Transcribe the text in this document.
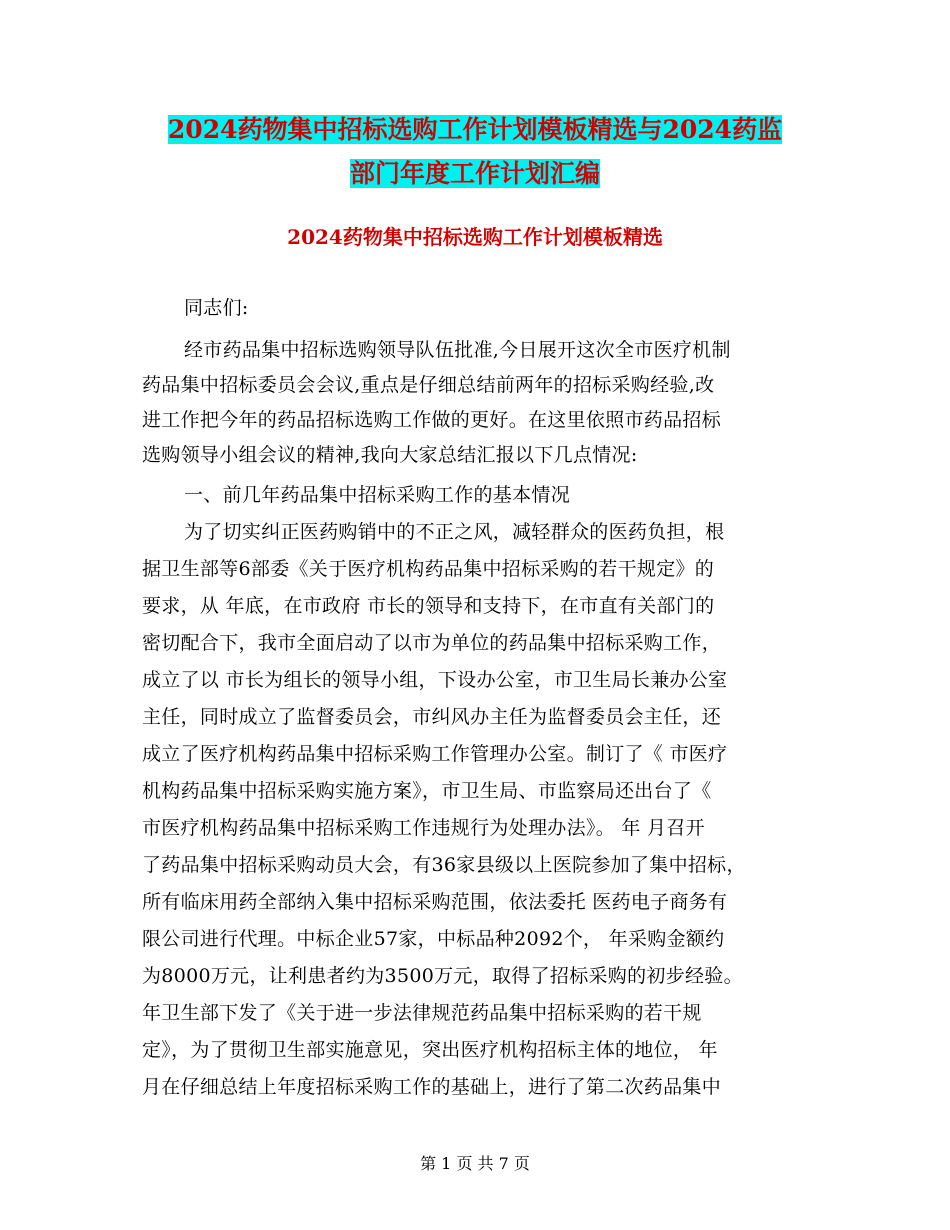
2024药物集中招标选购工作计划模板精选与2024药监

部门年度工作计划汇编

2024药物集中招标选购工作计划模板精选

同志们:

经市药品集中招标选购领导队伍批准,今日展开这次全市医疗机制

药品集中招标委员会会议,重点是仔细总结前两年的招标采购经验,改

进工作把今年的药品招标选购工作做的更好。在这里依照市药品招标

选购领导小组会议的精神,我向大家总结汇报以下几点情况:

一、前几年药品集中招标采购工作的基本情况

为了切实纠正医药购销中的不正之风，减轻群众的医药负担，根

据卫生部等6部委《关于医疗机构药品集中招标采购的若干规定》的

要求，从 年底，在市政府 市长的领导和支持下，在市直有关部门的

密切配合下，我市全面启动了以市为单位的药品集中招标采购工作，

成立了以 市长为组长的领导小组，下设办公室，市卫生局长兼办公室

主任，同时成立了监督委员会，市纠风办主任为监督委员会主任，还

成立了医疗机构药品集中招标采购工作管理办公室。制订了《 市医疗

机构药品集中招标采购实施方案》，市卫生局、市监察局还出台了《

市医疗机构药品集中招标采购工作违规行为处理办法》。 年 月召开

了药品集中招标采购动员大会，有36家县级以上医院参加了集中招标，

所有临床用药全部纳入集中招标采购范围，依法委托 医药电子商务有

限公司进行代理。中标企业57家，中标品种2092个， 年采购金额约

为8000万元，让利患者约为3500万元，取得了招标采购的初步经验。

年卫生部下发了《关于进一步法律规范药品集中招标采购的若干规

定》，为了贯彻卫生部实施意见，突出医疗机构招标主体的地位， 年

月在仔细总结上年度招标采购工作的基础上，进行了第二次药品集中

第 1 页 共 7 页
